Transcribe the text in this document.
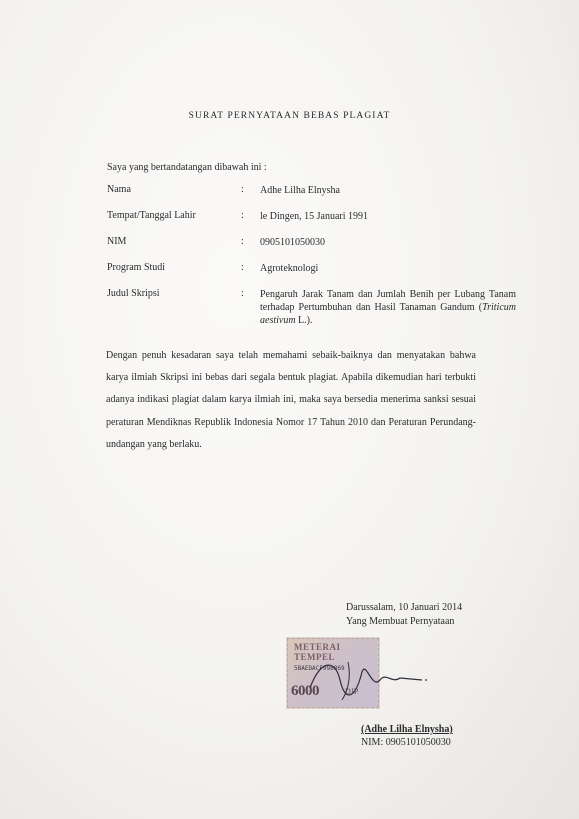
SURAT PERNYATAAN BEBAS PLAGIAT
Saya yang bertandatangan dibawah ini :
Nama	: Adhe Lilha Elnysha
Tempat/Tanggal Lahir	: le Dingen, 15 Januari 1991
NIM	: 0905101050030
Program Studi	: Agroteknologi
Judul Skripsi	: Pengaruh Jarak Tanam dan Jumlah Benih per Lubang Tanam terhadap Pertumbuhan dan Hasil Tanaman Gandum (Triticum aestivum L.).
Dengan penuh kesadaran saya telah memahami sebaik-baiknya dan menyatakan bahwa karya ilmiah Skripsi ini bebas dari segala bentuk plagiat. Apabila dikemudian hari terbukti adanya indikasi plagiat dalam karya ilmiah ini, maka saya bersedia menerima sanksi sesuai peraturan Mendiknas Republik Indonesia Nomor 17 Tahun 2010 dan Peraturan Perundang-undangan yang berlaku.
Darussalam, 10 Januari 2014
Yang Membuat Pernyataan
METERAI TEMPEL
5BAEDACF998869
6000	DJP
(Adhe Lilha Elnysha)
NIM: 0905101050030
